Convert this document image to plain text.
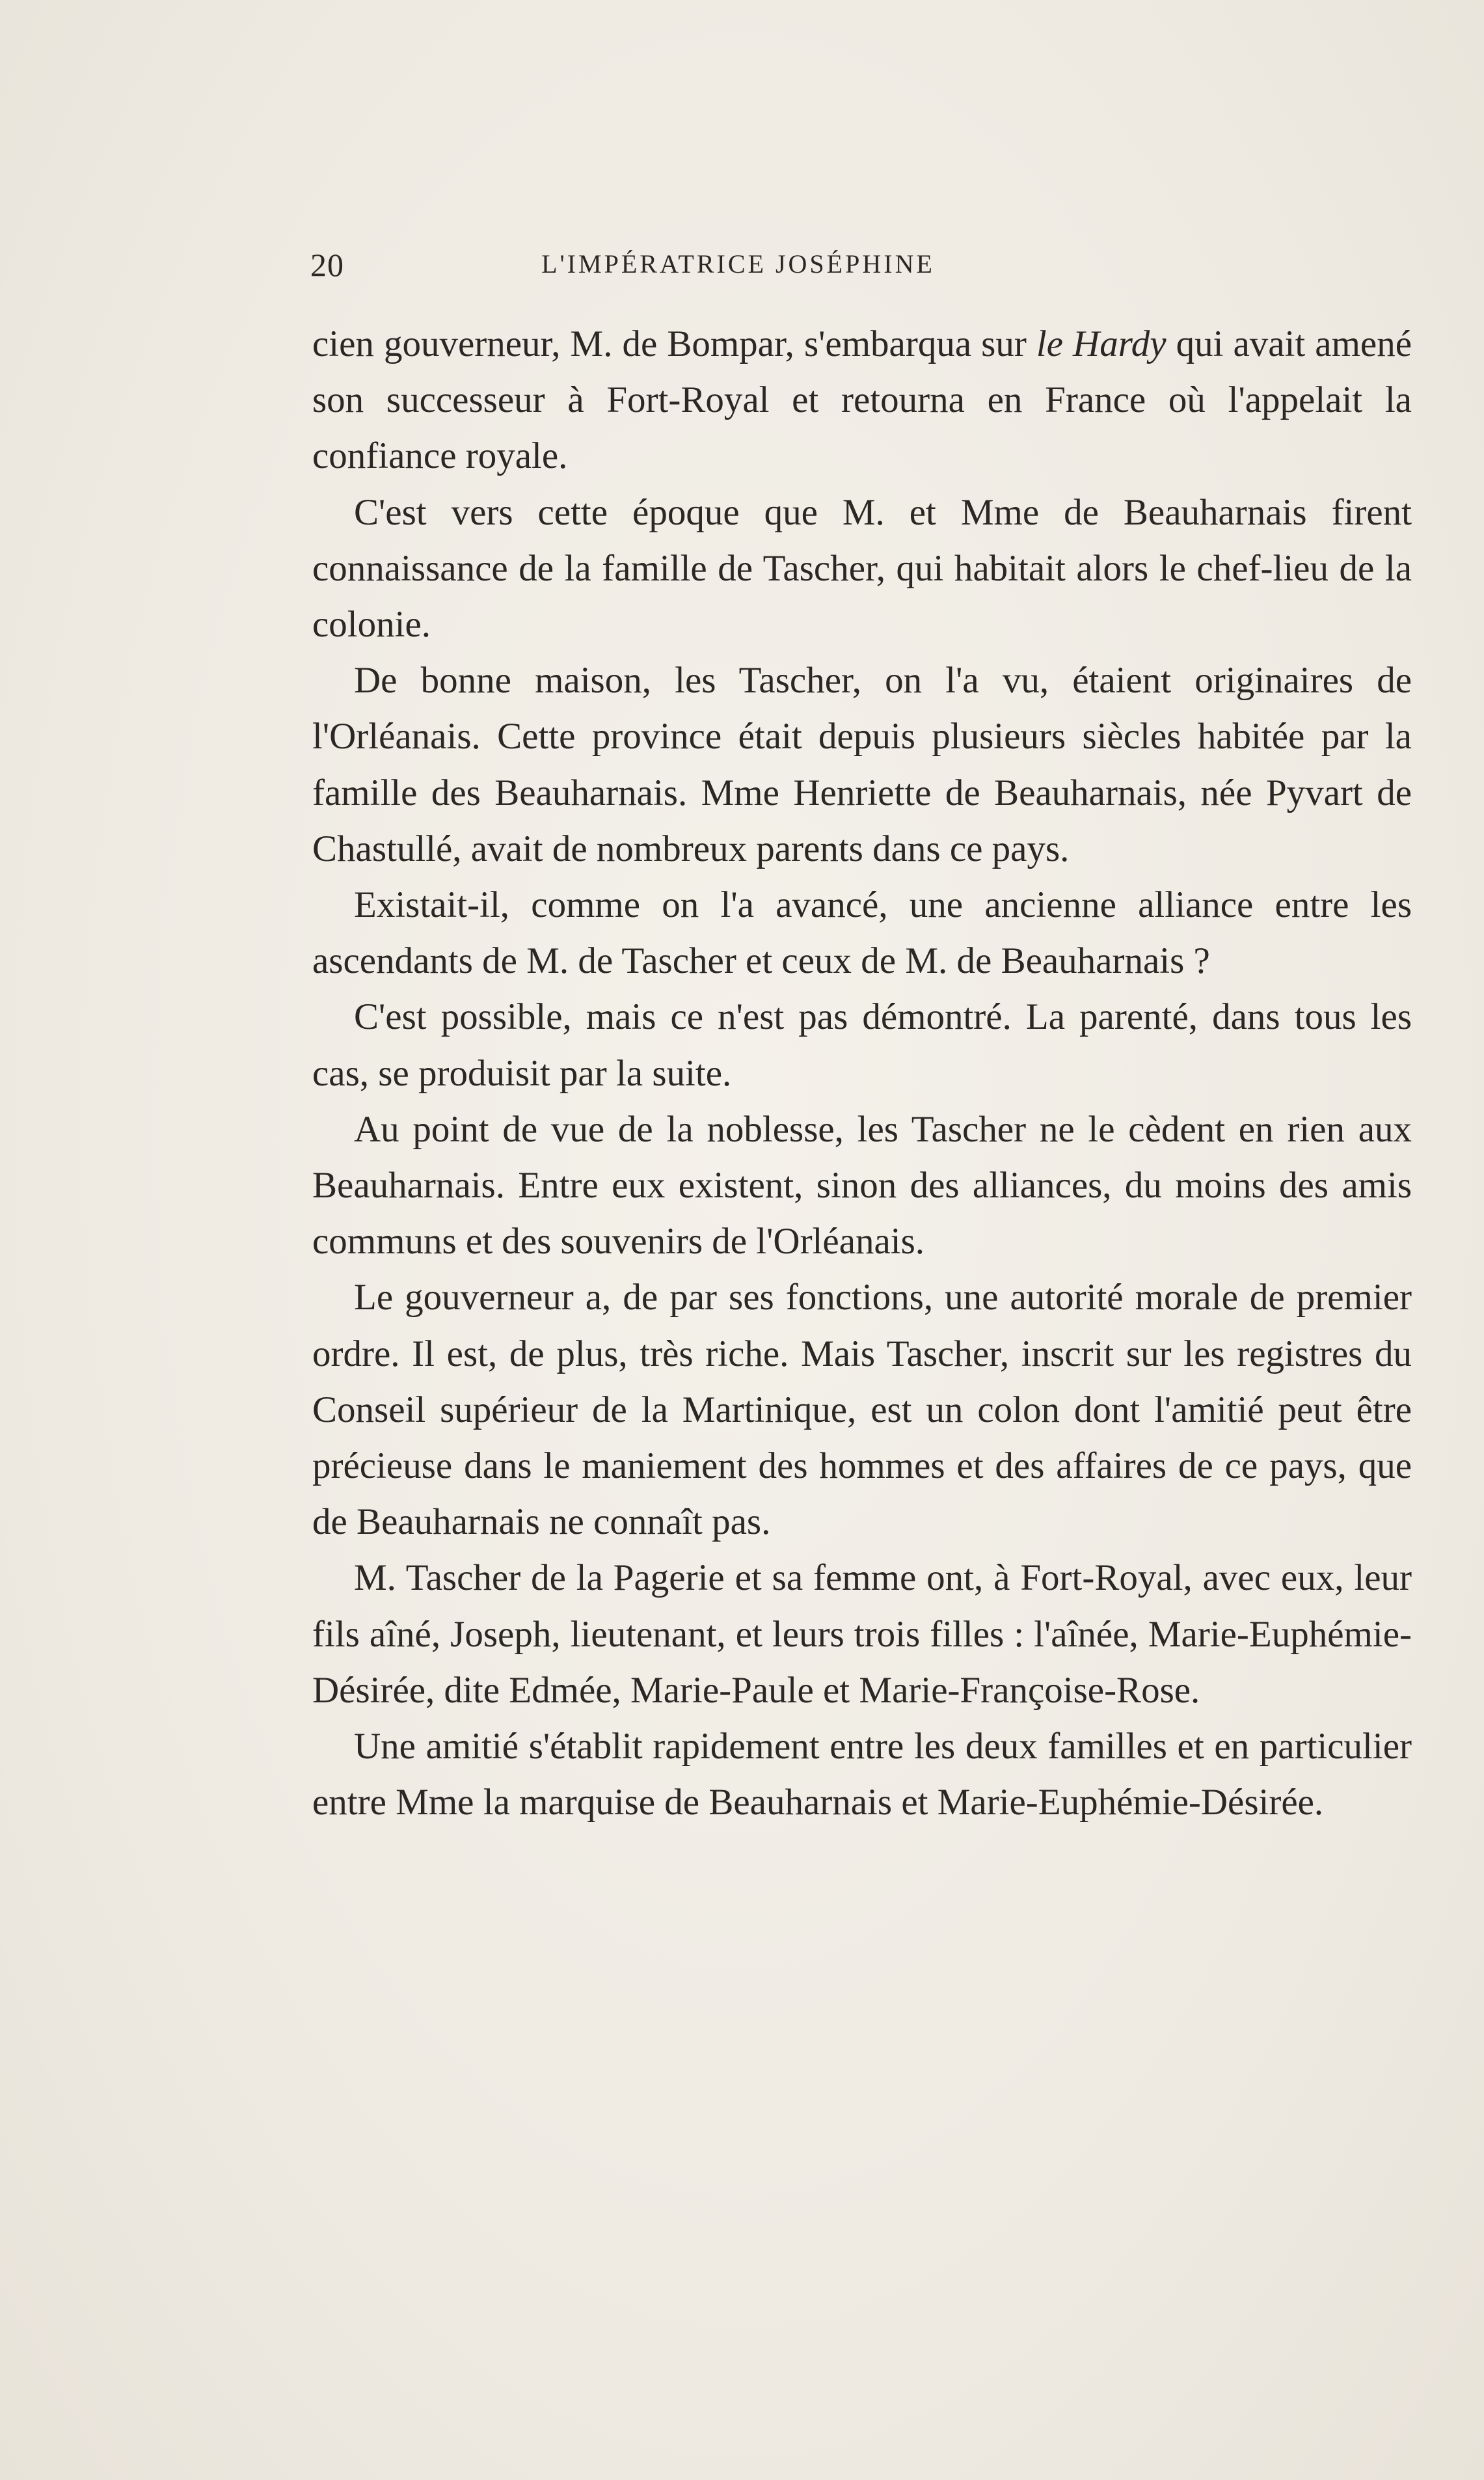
20	L'IMPÉRATRICE JOSÉPHINE

cien gouverneur, M. de Bompar, s'embarqua sur le Hardy qui avait amené son successeur à Fort-Royal et retourna en France où l'appelait la confiance royale.

C'est vers cette époque que M. et Mme de Beauharnais firent connaissance de la famille de Tascher, qui habitait alors le chef-lieu de la colonie.

De bonne maison, les Tascher, on l'a vu, étaient originaires de l'Orléanais. Cette province était depuis plusieurs siècles habitée par la famille des Beauharnais. Mme Henriette de Beauharnais, née Pyvart de Chastullé, avait de nombreux parents dans ce pays.

Existait-il, comme on l'a avancé, une ancienne alliance entre les ascendants de M. de Tascher et ceux de M. de Beauharnais ?

C'est possible, mais ce n'est pas démontré. La parenté, dans tous les cas, se produisit par la suite.

Au point de vue de la noblesse, les Tascher ne le cèdent en rien aux Beauharnais. Entre eux existent, sinon des alliances, du moins des amis communs et des souvenirs de l'Orléanais.

Le gouverneur a, de par ses fonctions, une autorité morale de premier ordre. Il est, de plus, très riche. Mais Tascher, inscrit sur les registres du Conseil supérieur de la Martinique, est un colon dont l'amitié peut être précieuse dans le maniement des hommes et des affaires de ce pays, que de Beauharnais ne connaît pas.

M. Tascher de la Pagerie et sa femme ont, à Fort-Royal, avec eux, leur fils aîné, Joseph, lieutenant, et leurs trois filles : l'aînée, Marie-Euphémie-Désirée, dite Edmée, Marie-Paule et Marie-Françoise-Rose.

Une amitié s'établit rapidement entre les deux familles et en particulier entre Mme la marquise de Beauharnais et Marie-Euphémie-Désirée.
